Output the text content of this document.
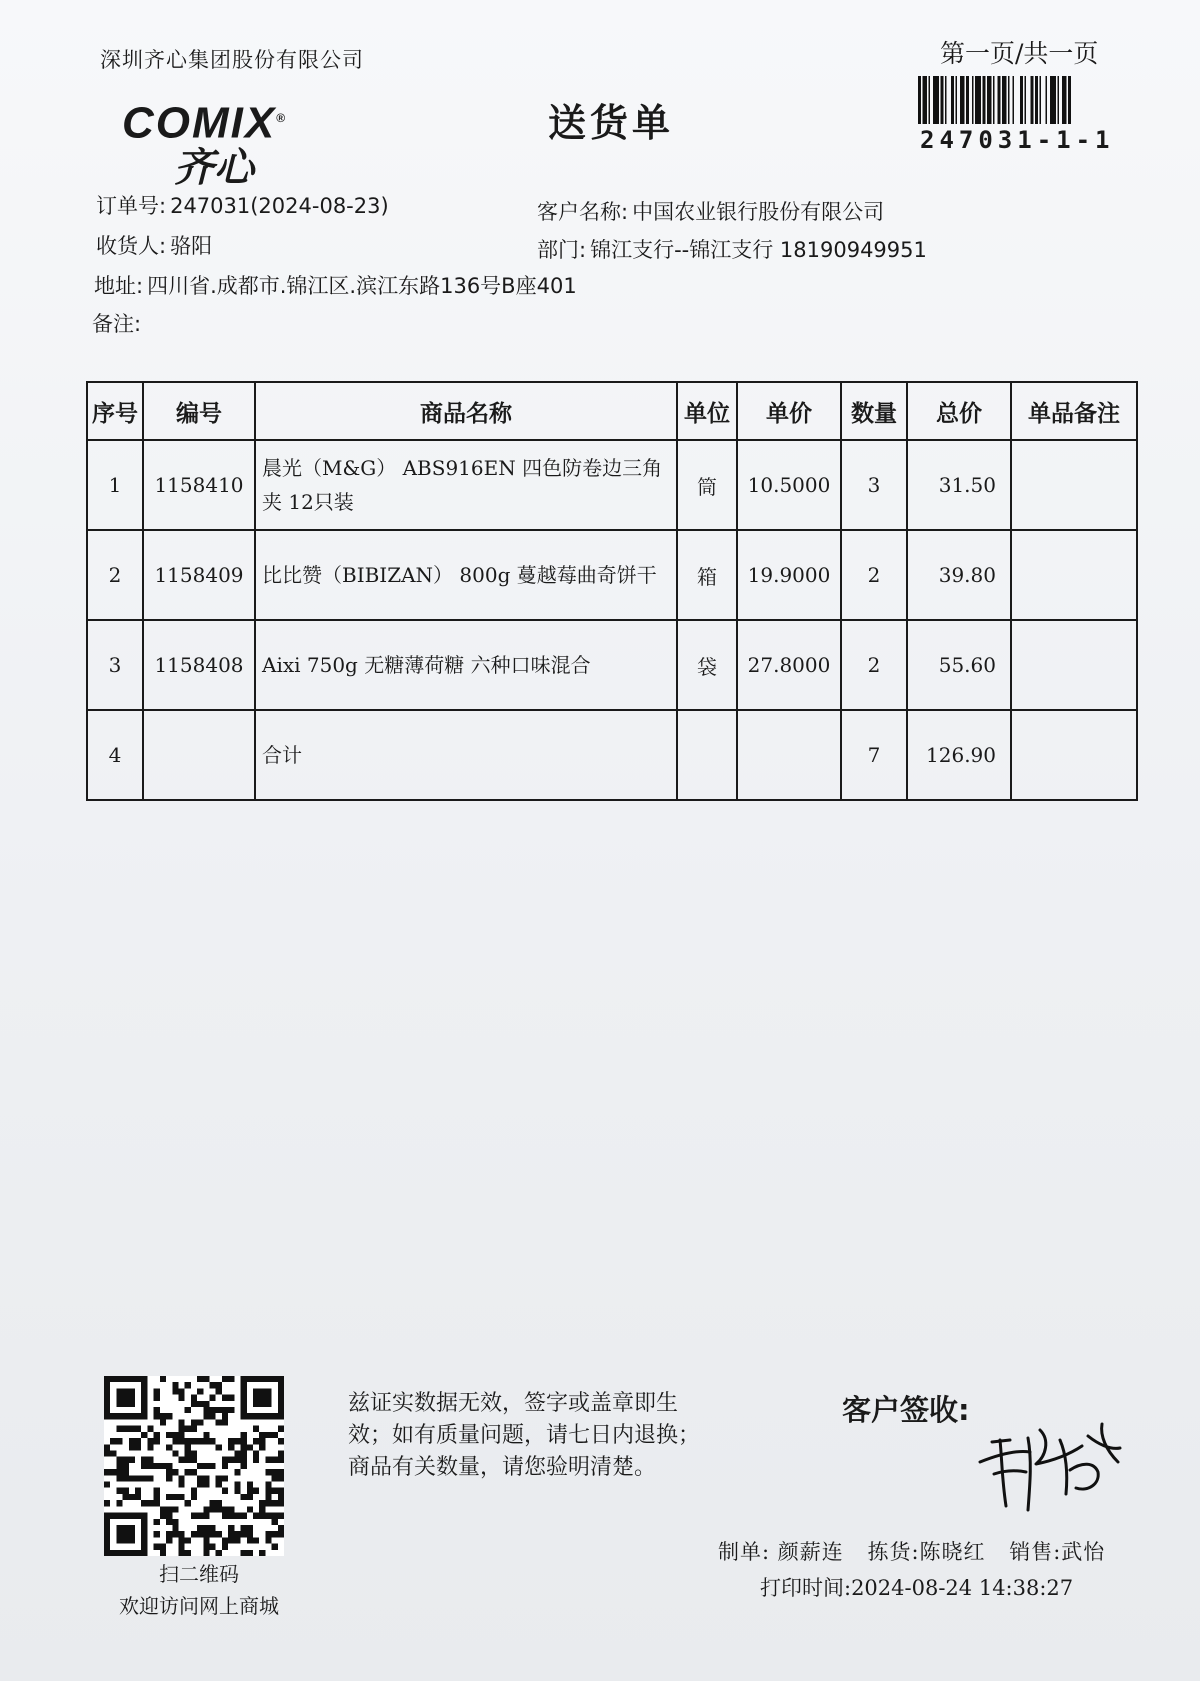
深圳齐心集团股份有限公司	第一页/共一页
247031-1-1
COMIX®
齐心
送货单
订单号: 247031(2024-08-23)	客户名称: 中国农业银行股份有限公司
收货人: 骆阳	部门: 锦江支行--锦江支行 18190949951
地址: 四川省.成都市.锦江区.滨江东路136号B座401
备注:
序号	编号	商品名称	单位	单价	数量	总价	单品备注
1	1158410	晨光（M&G） ABS916EN 四色防卷边三角夹 12只装	筒	10.5000	3	31.50	
2	1158409	比比赞（BIBIZAN） 800g 蔓越莓曲奇饼干	箱	19.9000	2	39.80	
3	1158408	Aixi 750g 无糖薄荷糖 六种口味混合	袋	27.8000	2	55.60	
4		合计			7	126.90	
扫二维码
欢迎访问网上商城
兹证实数据无效，签字或盖章即生
效；如有质量问题，请七日内退换；
商品有关数量，请您验明清楚。
客户签收:
制单: 颜薪连 拣货:陈晓红 销售:武怡
打印时间:2024-08-24 14:38:27
